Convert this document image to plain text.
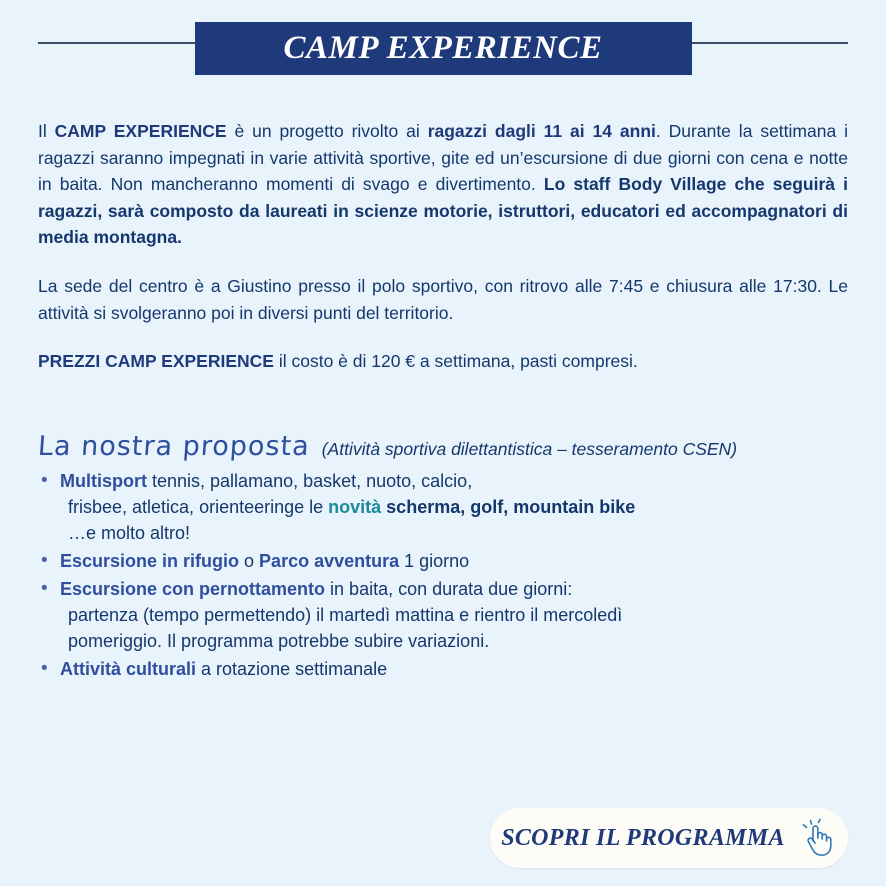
CAMP EXPERIENCE

Il CAMP EXPERIENCE è un progetto rivolto ai ragazzi dagli 11 ai 14 anni. Durante la settimana i ragazzi saranno impegnati in varie attività sportive, gite ed un’escursione di due giorni con cena e notte in baita. Non mancheranno momenti di svago e divertimento. Lo staff Body Village che seguirà i ragazzi, sarà composto da laureati in scienze motorie, istruttori, educatori ed accompagnatori di media montagna.

La sede del centro è a Giustino presso il polo sportivo, con ritrovo alle 7:45 e chiusura alle 17:30. Le attività si svolgeranno poi in diversi punti del territorio.

PREZZI CAMP EXPERIENCE il costo è di 120 € a settimana, pasti compresi.

La nostra proposta (Attività sportiva dilettantistica – tesseramento CSEN)
• Multisport tennis, pallamano, basket, nuoto, calcio,
frisbee, atletica, orienteeringe le novità scherma, golf, mountain bike
…e molto altro!
• Escursione in rifugio o Parco avventura 1 giorno
• Escursione con pernottamento in baita, con durata due giorni:
partenza (tempo permettendo) il martedì mattina e rientro il mercoledì
pomeriggio. Il programma potrebbe subire variazioni.
• Attività culturali a rotazione settimanale
SCOPRI IL PROGRAMMA
